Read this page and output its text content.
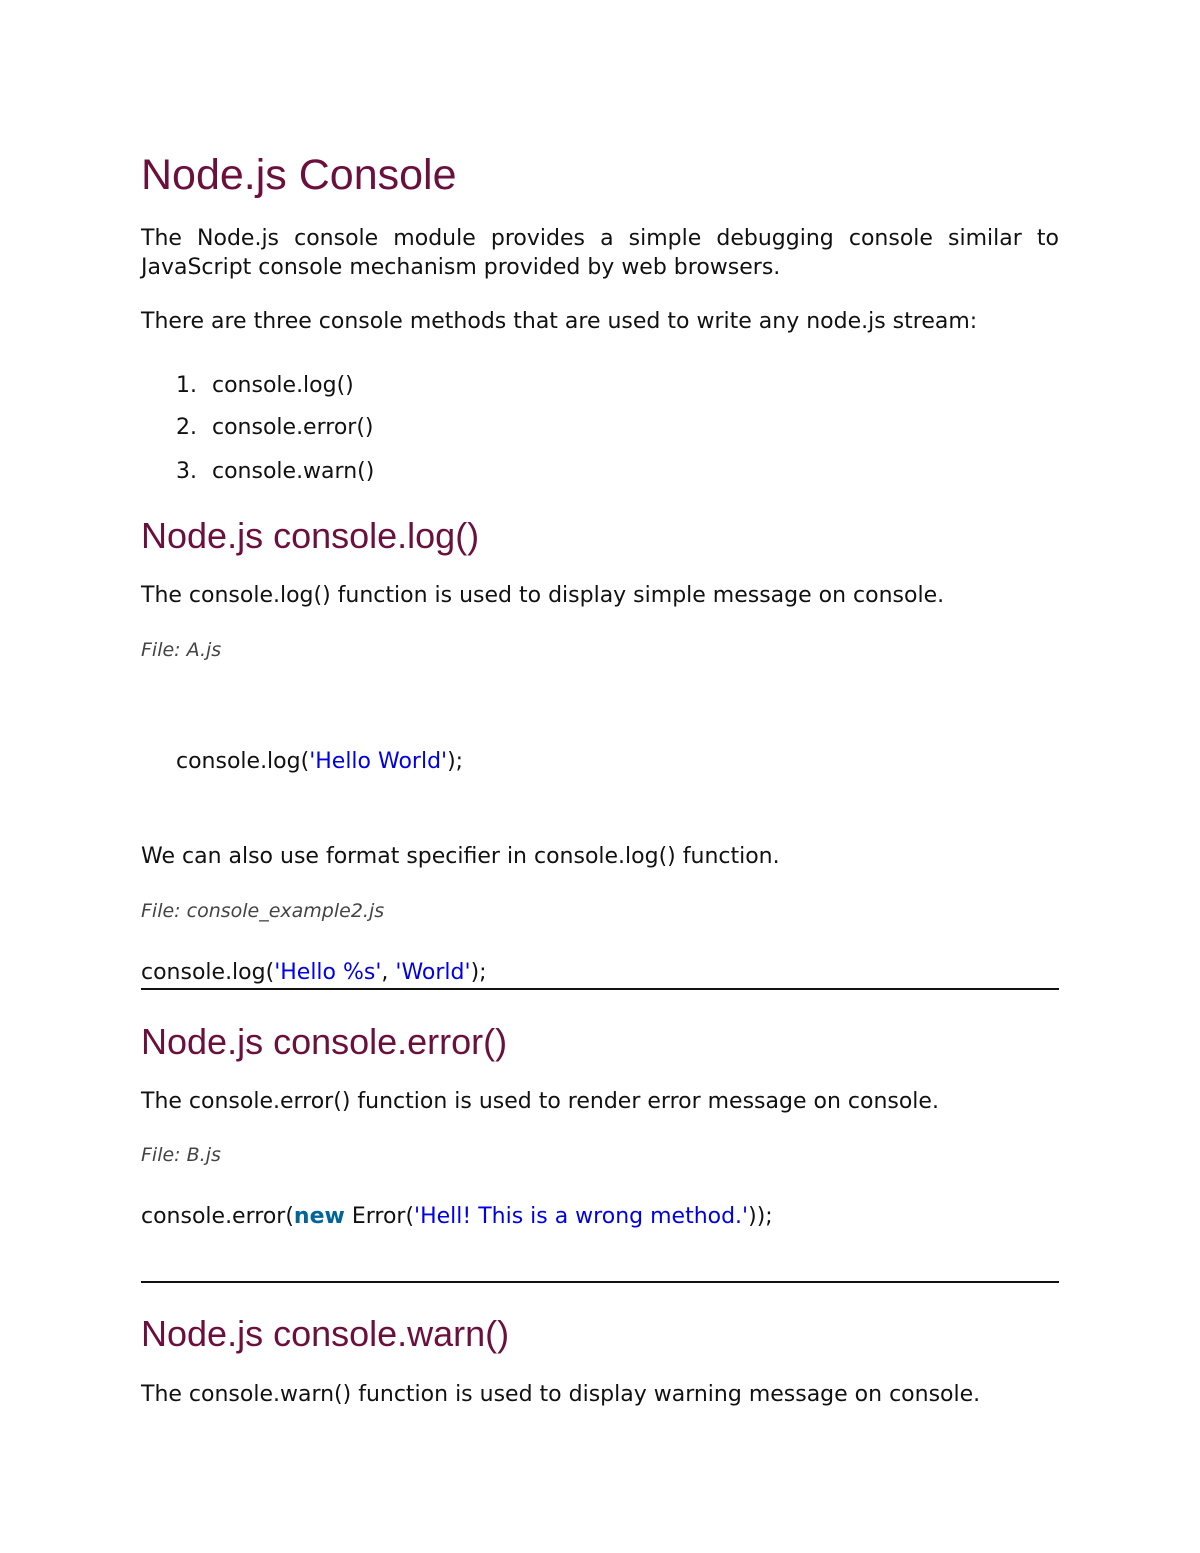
Node.js Console
The Node.js console module provides a simple debugging console similar to JavaScript console mechanism provided by web browsers.
There are three console methods that are used to write any node.js stream:
1. console.log()
2. console.error()
3. console.warn()
Node.js console.log()
The console.log() function is used to display simple message on console.
File: A.js
console.log('Hello World');
We can also use format specifier in console.log() function.
File: console_example2.js
console.log('Hello %s', 'World');
Node.js console.error()
The console.error() function is used to render error message on console.
File: B.js
console.error(new Error('Hell! This is a wrong method.'));
Node.js console.warn()
The console.warn() function is used to display warning message on console.
